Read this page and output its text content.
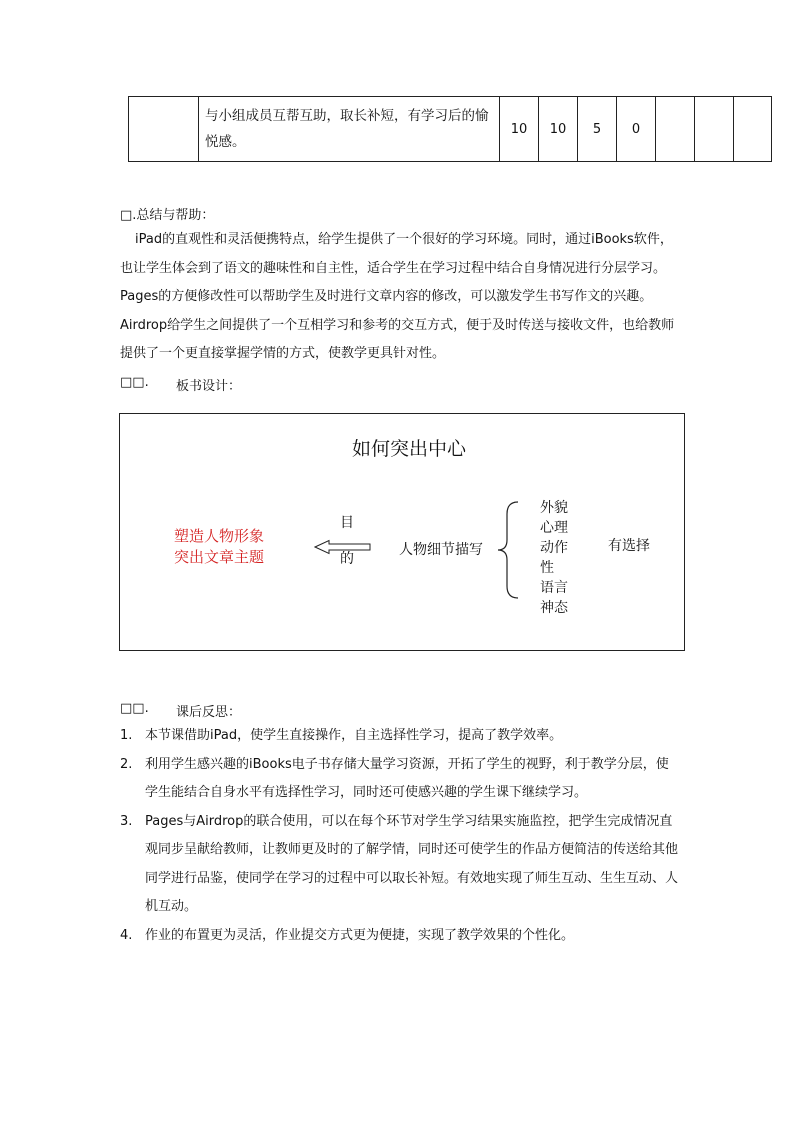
	与小组成员互帮互助，取长补短，有学习后的愉悦感。	10	10	5	0			
□.总结与帮助：

iPad的直观性和灵活便携特点，给学生提供了一个很好的学习环境。同时，通过iBooks软件，也让学生体会到了语文的趣味性和自主性，适合学生在学习过程中结合自身情况进行分层学习。Pages的方便修改性可以帮助学生及时进行文章内容的修改，可以激发学生书写作文的兴趣。Airdrop给学生之间提供了一个互相学习和参考的交互方式，便于及时传送与接收文件，也给教师提供了一个更直接掌握学情的方式，使教学更具针对性。

□□. 板书设计：
如何突出中心
塑造人物形象
突出文章主题
目
的
人物细节描写
外貌
心理
动作
性
语言
神态
有选择
□□. 课后反思：
1. 本节课借助iPad，使学生直接操作，自主选择性学习，提高了教学效率。
2. 利用学生感兴趣的iBooks电子书存储大量学习资源，开拓了学生的视野，利于教学分层，使学生能结合自身水平有选择性学习，同时还可使感兴趣的学生课下继续学习。
3. Pages与Airdrop的联合使用，可以在每个环节对学生学习结果实施监控，把学生完成情况直观同步呈献给教师，让教师更及时的了解学情，同时还可使学生的作品方便简洁的传送给其他同学进行品鉴，使同学在学习的过程中可以取长补短。有效地实现了师生互动、生生互动、人机互动。
4. 作业的布置更为灵活，作业提交方式更为便捷，实现了教学效果的个性化。
